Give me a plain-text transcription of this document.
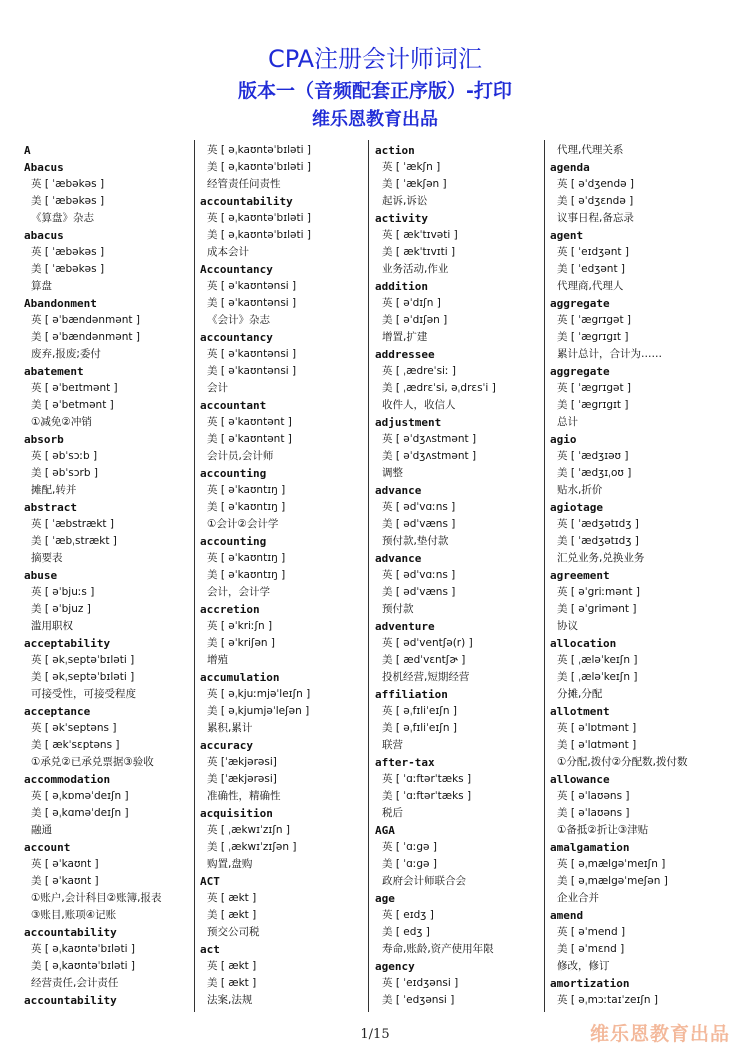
CPA注册会计师词汇
版本一（音频配套正序版）-打印
维乐恩教育出品
A
Abacus
英 [ ˈæbəkəs ]
美 [ ˈæbəkəs ]
《算盘》杂志
abacus
英 [ ˈæbəkəs ]
美 [ ˈæbəkəs ]
算盘
Abandonment
英 [ əˈbændənmənt ]
美 [ əˈbændənmənt ]
废弃,报废;委付
abatement
英 [ əˈbeɪtmənt ]
美 [ əˈbetmənt ]
①减免②冲销
absorb
英 [ əbˈsɔːb ]
美 [ əbˈsɔrb ]
摊配,转并
abstract
英 [ ˈæbstrækt ]
美 [ ˈæbˌstrækt ]
摘要表
abuse
英 [ əˈbjuːs ]
美 [ əˈbjuz ]
滥用职权
acceptability
英 [ əkˌseptəˈbɪləti ]
美 [ əkˌseptəˈbɪləti ]
可接受性，可接受程度
acceptance
英 [ əkˈseptəns ]
美 [ ækˈsɛptəns ]
①承兑②已承兑票据③验收
accommodation
英 [ əˌkɒməˈdeɪʃn ]
美 [ əˌkɑməˈdeɪʃn ]
融通
account
英 [ əˈkaʊnt ]
美 [ əˈkaʊnt ]
①账户,会计科目②账簿,报表
③账目,账项④记账
accountability
英 [ əˌkaʊntəˈbɪləti ]
美 [ əˌkaʊntəˈbɪləti ]
经营责任,会计责任
accountability
英 [ əˌkaʊntəˈbɪləti ]
美 [ əˌkaʊntəˈbɪləti ]
经管责任问责性
accountability
英 [ əˌkaʊntəˈbɪləti ]
美 [ əˌkaʊntəˈbɪləti ]
成本会计
Accountancy
英 [ əˈkaʊntənsi ]
美 [ əˈkaʊntənsi ]
《会计》杂志
accountancy
英 [ əˈkaʊntənsi ]
美 [ əˈkaʊntənsi ]
会计
accountant
英 [ əˈkaʊntənt ]
美 [ əˈkaʊntənt ]
会计员,会计师
accounting
英 [ əˈkaʊntɪŋ ]
美 [ əˈkaʊntɪŋ ]
①会计②会计学
accounting
英 [ əˈkaʊntɪŋ ]
美 [ əˈkaʊntɪŋ ]
会计，会计学
accretion
英 [ əˈkriːʃn ]
美 [ əˈkriʃən ]
增殖
accumulation
英 [ əˌkjuːmjəˈleɪʃn ]
美 [ əˌkjumjəˈleʃən ]
累积,累计
accuracy
英 [ˈækjərəsi]
美 [ˈækjərəsi]
准确性，精确性
acquisition
英 [ ˌækwɪˈzɪʃn ]
美 [ ˌækwɪˈzɪʃən ]
购置,盘购
ACT
英 [ ækt ]
美 [ ækt ]
预交公司税
act
英 [ ækt ]
美 [ ækt ]
法案,法规
action
英 [ ˈækʃn ]
美 [ ˈækʃən ]
起诉,诉讼
activity
英 [ ækˈtɪvəti ]
美 [ ækˈtɪvɪti ]
业务活动,作业
addition
英 [ əˈdɪʃn ]
美 [ əˈdɪʃən ]
增置,扩建
addressee
英 [ ˌædreˈsiː ]
美 [ ˌædrɛˈsi, əˌdrɛsˈi ]
收件人，收信人
adjustment
英 [ əˈdʒʌstmənt ]
美 [ əˈdʒʌstmənt ]
调整
advance
英 [ ədˈvɑːns ]
美 [ ədˈvæns ]
预付款,垫付款
advance
英 [ ədˈvɑːns ]
美 [ ədˈvæns ]
预付款
adventure
英 [ ədˈventʃə(r) ]
美 [ ædˈvɛntʃɚ ]
投机经营,短期经营
affiliation
英 [ əˌfɪliˈeɪʃn ]
美 [ əˌfɪliˈeɪʃn ]
联营
after-tax
英 [ ˈɑːftərˈtæks ]
美 [ ˈɑːftərˈtæks ]
税后
AGA
英 [ ˈɑːgə ]
美 [ ˈɑːgə ]
政府会计师联合会
age
英 [ eɪdʒ ]
美 [ edʒ ]
寿命,账龄,资产使用年限
agency
英 [ ˈeɪdʒənsi ]
美 [ ˈedʒənsi ]
代理,代理关系
agenda
英 [ əˈdʒendə ]
美 [ əˈdʒɛndə ]
议事日程,备忘录
agent
英 [ ˈeɪdʒənt ]
美 [ ˈedʒənt ]
代理商,代理人
aggregate
英 [ ˈægrɪgət ]
美 [ ˈægrɪgɪt ]
累计总计，合计为……
aggregate
英 [ ˈægrɪgət ]
美 [ ˈægrɪgɪt ]
总计
agio
英 [ ˈædʒɪəʊ ]
美 [ ˈædʒɪˌoʊ ]
贴水,折价
agiotage
英 [ ˈædʒətɪdʒ ]
美 [ ˈædʒətɪdʒ ]
汇兑业务,兑换业务
agreement
英 [ əˈgriːmənt ]
美 [ əˈgrimənt ]
协议
allocation
英 [ ˌæləˈkeɪʃn ]
美 [ ˌæləˈkeɪʃn ]
分摊,分配
allotment
英 [ əˈlɒtmənt ]
美 [ əˈlɑtmənt ]
①分配,拨付②分配数,拨付数
allowance
英 [ əˈlaʊəns ]
美 [ əˈlaʊəns ]
①备抵②折让③津贴
amalgamation
英 [ əˌmælgəˈmeɪʃn ]
美 [ əˌmælgəˈmeʃən ]
企业合并
amend
英 [ əˈmend ]
美 [ əˈmɛnd ]
修改，修订
amortization
英 [ əˌmɔːtaɪˈzeɪʃn ]
1/15	维乐恩教育出品
